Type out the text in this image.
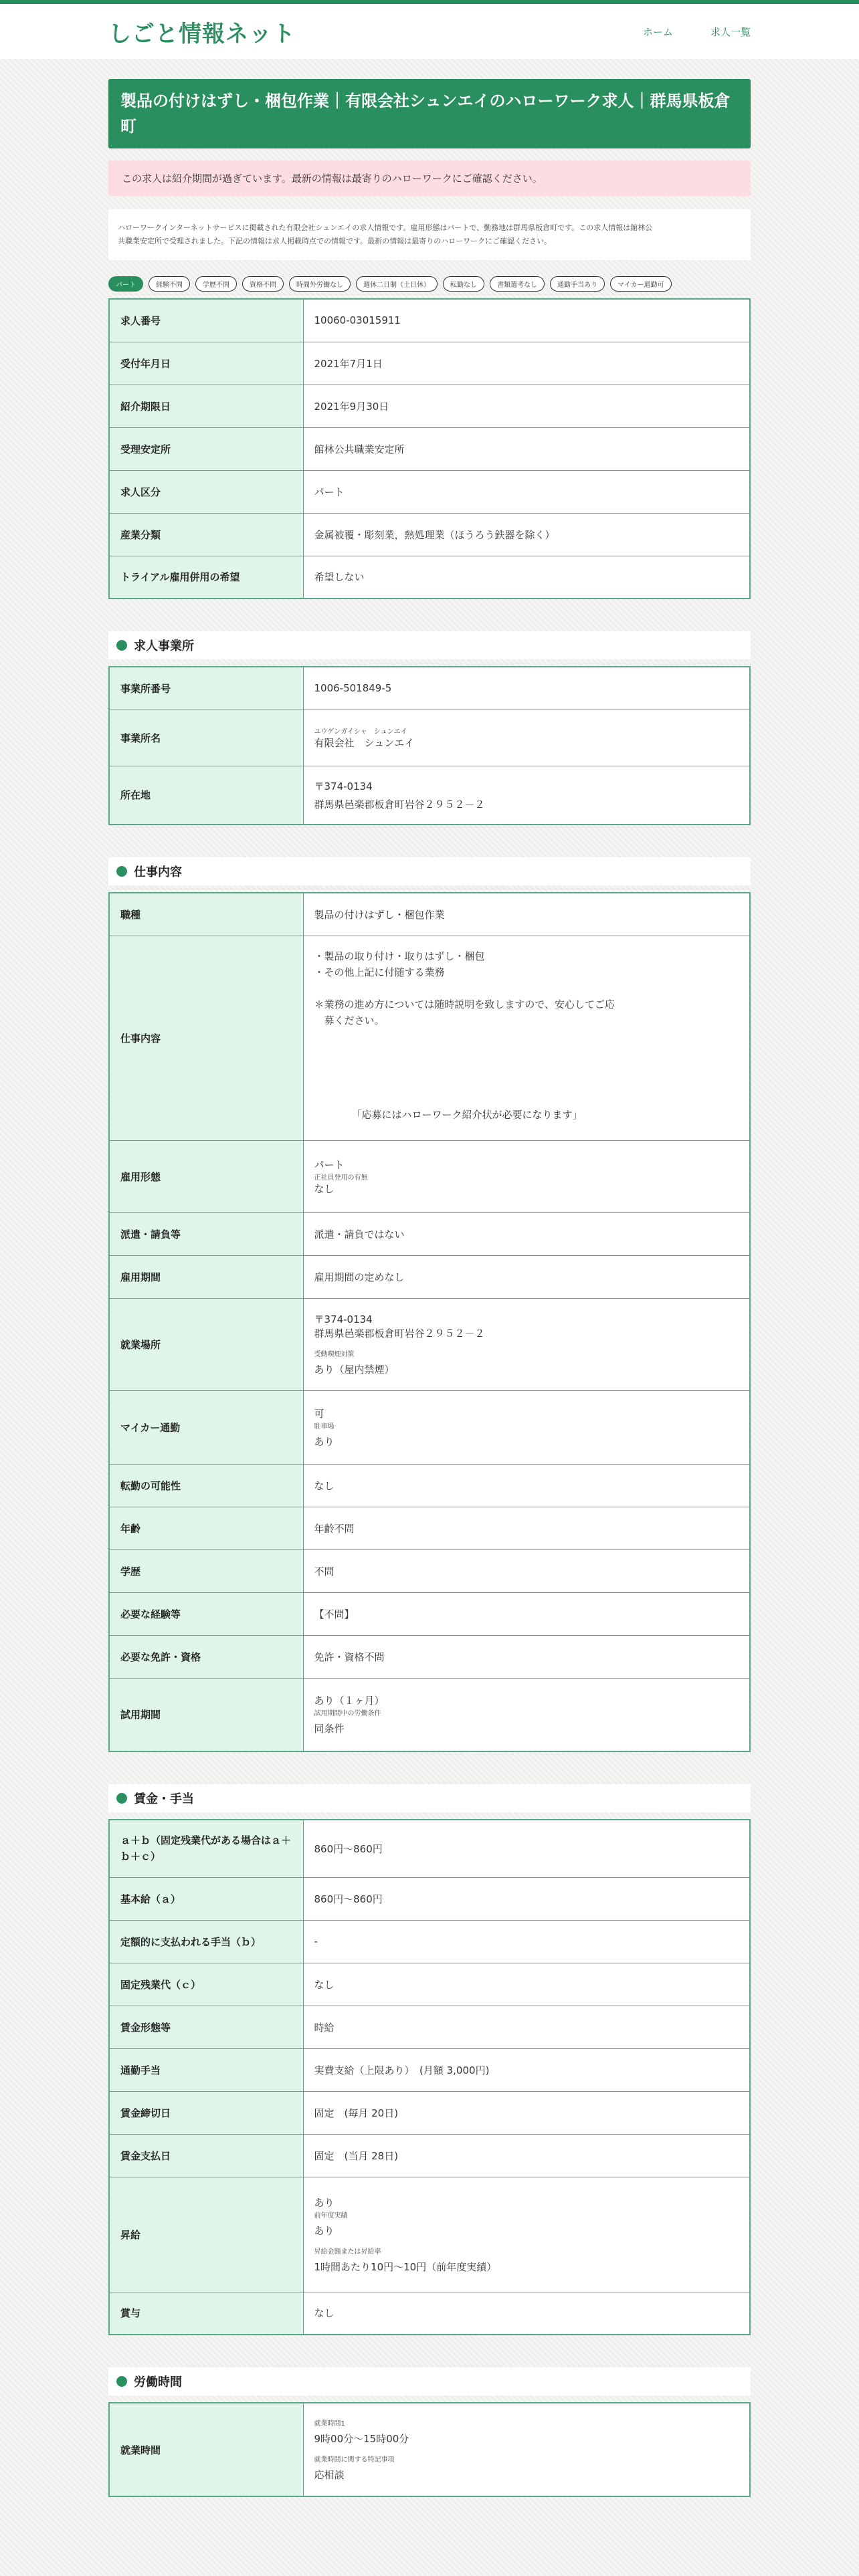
しごと情報ネット	ホーム	求人一覧
製品の付けはずし・梱包作業｜有限会社シュンエイのハローワーク求人｜群馬県板倉町
この求人は紹介期間が過ぎています。最新の情報は最寄りのハローワークにご確認ください。
ハローワークインターネットサービスに掲載された有限会社シュンエイの求人情報です。雇用形態はパートで、勤務地は群馬県板倉町です。この求人情報は館林公
共職業安定所で受理されました。下記の情報は求人掲載時点での情報です。最新の情報は最寄りのハローワークにご確認ください。
パート	経験不問	学歴不問	資格不問	時間外労働なし	週休二日制（土日休）	転勤なし	書類選考なし	通勤手当あり	マイカー通勤可
求人番号	10060-03015911
受付年月日	2021年7月1日
紹介期限日	2021年9月30日
受理安定所	館林公共職業安定所
求人区分	パート
産業分類	金属被覆・彫刻業，熱処理業（ほうろう鉄器を除く）
トライアル雇用併用の希望	希望しない
求人事業所
事業所番号	1006-501849-5
事業所名	ユウゲンガイシャ　シュンエイ
有限会社　シュンエイ

所在地	〒374-0134
群馬県邑楽郡板倉町岩谷２９５２－２
仕事内容
職種	製品の付けはずし・梱包作業
仕事内容	・製品の取り付け・取りはずし・梱包
・その他上記に付随する業務

＊業務の進め方については随時説明を致しますので、安心してご応
　募ください。
「応募にはハローワーク紹介状が必要になります」

雇用形態	パート
正社員登用の有無
なし

派遣・請負等	派遣・請負ではない
雇用期間	雇用期間の定めなし
就業場所	〒374-0134
群馬県邑楽郡板倉町岩谷２９５２－２
受動喫煙対策
あり（屋内禁煙）

マイカー通勤	可
駐車場
あり

転勤の可能性	なし
年齢	年齢不問
学歴	不問
必要な経験等	【不問】
必要な免許・資格	免許・資格不問
試用期間	あり（１ヶ月）
試用期間中の労働条件
同条件
賃金・手当
ａ＋ｂ（固定残業代がある場合はａ＋ｂ＋ｃ）	860円〜860円
基本給（ａ）	860円〜860円
定額的に支払われる手当（ｂ）	-
固定残業代（ｃ）	なし
賃金形態等	時給
通勤手当	実費支給（上限あり）　(月額 3,000円)
賃金締切日	固定　(毎月 20日)
賃金支払日	固定　(当月 28日)
昇給	あり
前年度実績
あり
昇給金額または昇給率
1時間あたり10円〜10円（前年度実績）

賞与	なし
労働時間
就業時間	
就業時間1
9時00分〜15時00分
就業時間に関する特記事項
応相談
